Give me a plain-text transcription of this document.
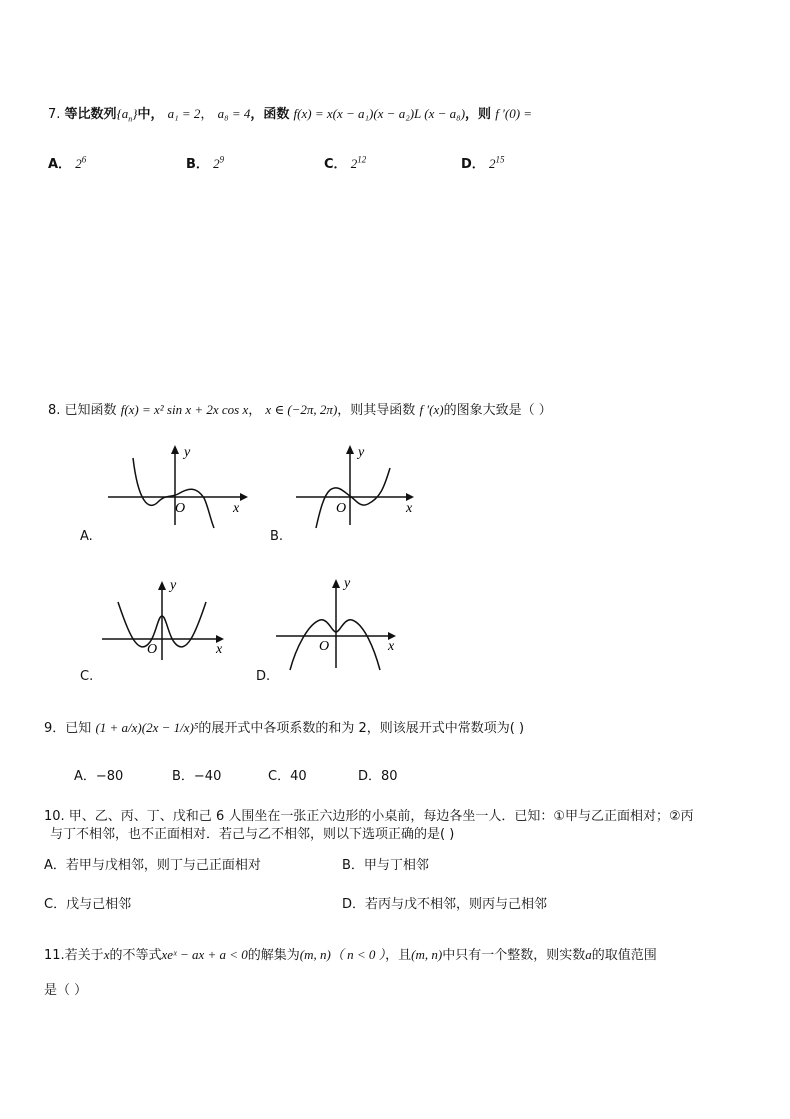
7. 等比数列$\{a_n\}$中， a₁ = 2， a₈ = 4，函数 f(x) = x(x − a₁)(x − a₂)L (x − a₈)，则 f ′(0) =
A． $2^6$	B． $2^9$	C． $2^{12}$	D． $2^{15}$
8. 已知函数 f(x) = x² sin x + 2x cos x， x ∈ (−2π, 2π)，则其导函数 f ′(x)的图象大致是（ ）
y
x
O
A.
y
x
O
B.
y
x
O
C.
y
x
O
D.
9．已知 (1 + a/x)(2x − 1/x)⁵的展开式中各项系数的和为 2，则该展开式中常数项为( )
A．−80	B．−40	C．40	D．80
10. 甲、乙、丙、丁、戊和己 6 人围坐在一张正六边形的小桌前，每边各坐一人．已知：①甲与乙正面相对；②丙
与丁不相邻，也不正面相对．若己与乙不相邻，则以下选项正确的是( )
A．若甲与戊相邻，则丁与己正面相对	B．甲与丁相邻
C．戊与己相邻	D．若丙与戊不相邻，则丙与己相邻
11.若关于x的不等式xeˣ − ax + a < 0的解集为(m, n)（ n < 0 ），且(m, n)中只有一个整数，则实数a的取值范围
是（ ）
